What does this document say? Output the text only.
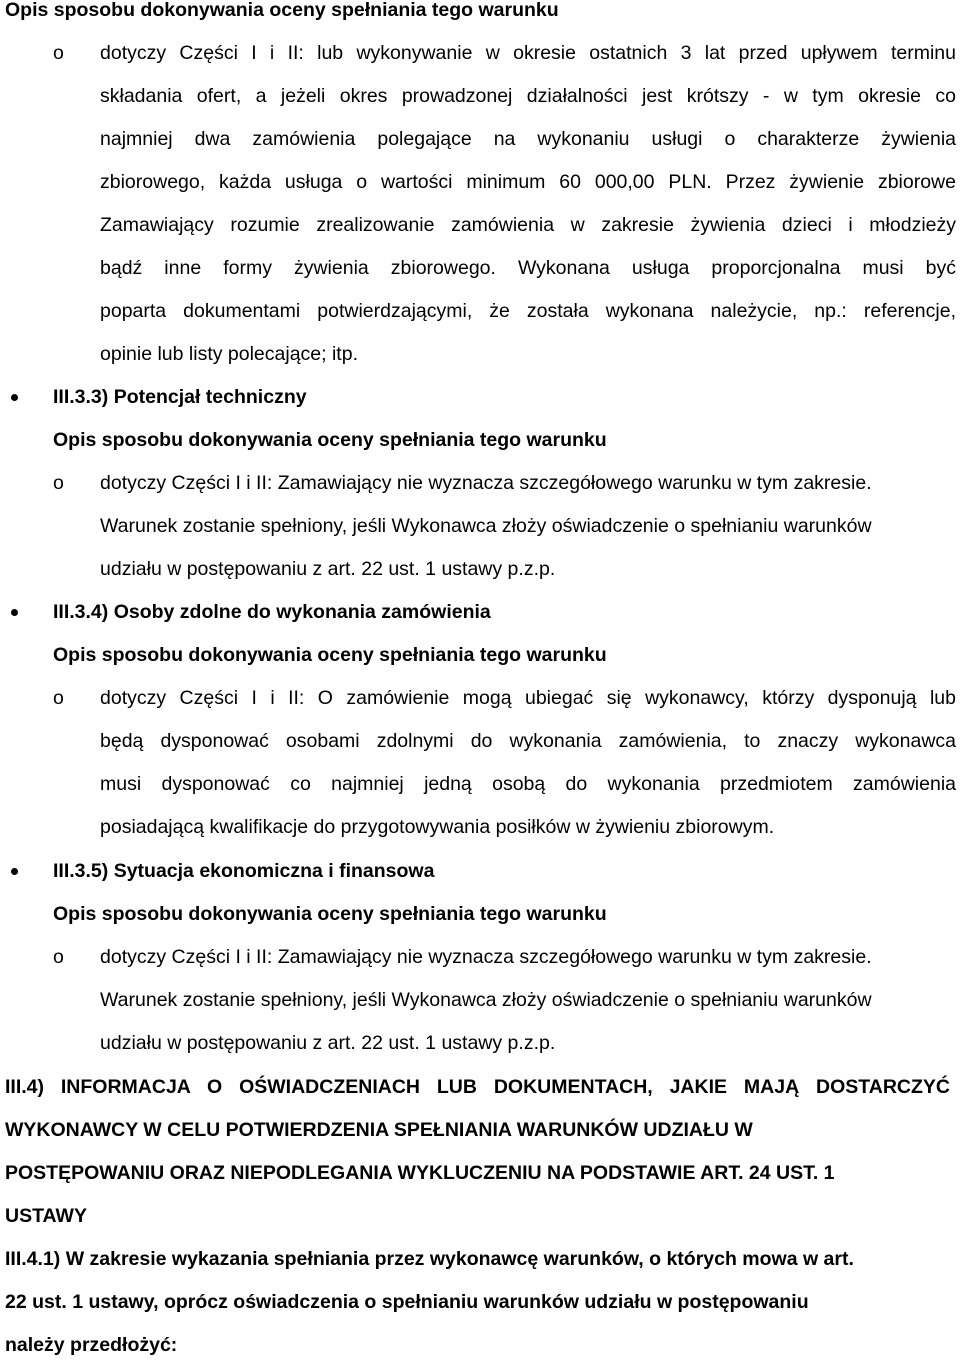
Opis sposobu dokonywania oceny spełniania tego warunku
o dotyczy Części I i II: lub wykonywanie w okresie ostatnich 3 lat przed upływem terminu
składania ofert, a jeżeli okres prowadzonej działalności jest krótszy - w tym okresie co
najmniej dwa zamówienia polegające na wykonaniu usługi o charakterze żywienia
zbiorowego, każda usługa o wartości minimum 60 000,00 PLN. Przez żywienie zbiorowe
Zamawiający rozumie zrealizowanie zamówienia w zakresie żywienia dzieci i młodzieży
bądź inne formy żywienia zbiorowego. Wykonana usługa proporcjonalna musi być
poparta dokumentami potwierdzającymi, że została wykonana należycie, np.: referencje,
opinie lub listy polecające; itp.
III.3.3) Potencjał techniczny
Opis sposobu dokonywania oceny spełniania tego warunku
o dotyczy Części I i II: Zamawiający nie wyznacza szczegółowego warunku w tym zakresie.
Warunek zostanie spełniony, jeśli Wykonawca złoży oświadczenie o spełnianiu warunków
udziału w postępowaniu z art. 22 ust. 1 ustawy p.z.p.
III.3.4) Osoby zdolne do wykonania zamówienia
Opis sposobu dokonywania oceny spełniania tego warunku
o dotyczy Części I i II: O zamówienie mogą ubiegać się wykonawcy, którzy dysponują lub
będą dysponować osobami zdolnymi do wykonania zamówienia, to znaczy wykonawca
musi dysponować co najmniej jedną osobą do wykonania przedmiotem zamówienia
posiadającą kwalifikacje do przygotowywania posiłków w żywieniu zbiorowym.
III.3.5) Sytuacja ekonomiczna i finansowa
Opis sposobu dokonywania oceny spełniania tego warunku
o dotyczy Części I i II: Zamawiający nie wyznacza szczegółowego warunku w tym zakresie.
Warunek zostanie spełniony, jeśli Wykonawca złoży oświadczenie o spełnianiu warunków
udziału w postępowaniu z art. 22 ust. 1 ustawy p.z.p.
III.4) INFORMACJA O OŚWIADCZENIACH LUB DOKUMENTACH, JAKIE MAJĄ DOSTARCZYĆ
WYKONAWCY W CELU POTWIERDZENIA SPEŁNIANIA WARUNKÓW UDZIAŁU W
POSTĘPOWANIU ORAZ NIEPODLEGANIA WYKLUCZENIU NA PODSTAWIE ART. 24 UST. 1
USTAWY
III.4.1) W zakresie wykazania spełniania przez wykonawcę warunków, o których mowa w art.
22 ust. 1 ustawy, oprócz oświadczenia o spełnianiu warunków udziału w postępowaniu
należy przedłożyć:
